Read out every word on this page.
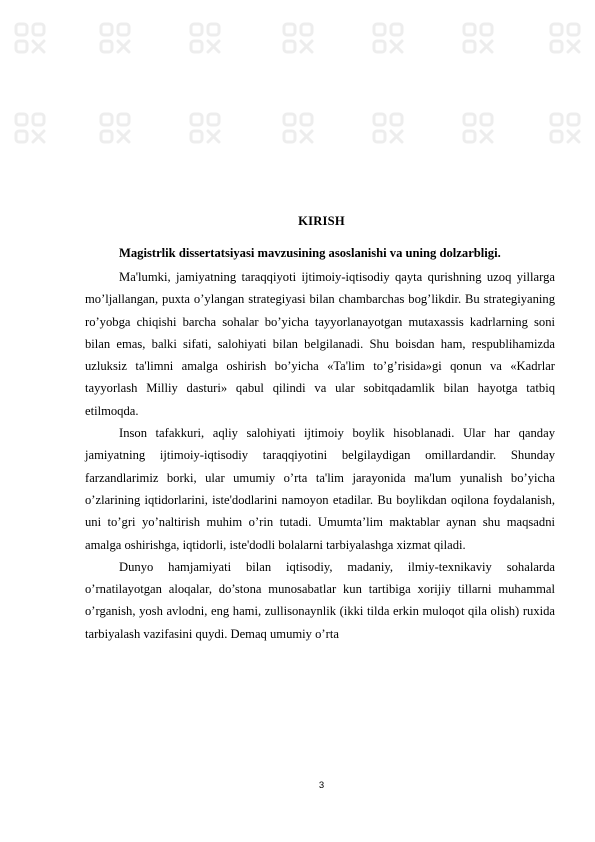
KIRISH
Magistrlik dissertatsiyasi mavzusining asoslanishi va uning dolzarbligi.

Ma'lumki, jamiyatning taraqqiyoti ijtimoiy-iqtisodiy qayta qurishning uzoq yillarga mo’ljallangan, puxta o’ylangan strategiyasi bilan chambarchas bog’likdir. Bu strategiyaning ro’yobga chiqishi barcha sohalar bo’yicha tayyorlanayotgan mutaxassis kadrlarning soni bilan emas, balki sifati, salohiyati bilan belgilanadi. Shu boisdan ham, respublihamizda uzluksiz ta'limni amalga oshirish bo’yicha «Ta'lim to’g’risida»gi qonun va «Kadrlar tayyorlash Milliy dasturi» qabul qilindi va ular sobitqadamlik bilan hayotga tatbiq etilmoqda.

Inson tafakkuri, aqliy salohiyati ijtimoiy boylik hisoblanadi. Ular har qanday jamiyatning ijtimoiy-iqtisodiy taraqqiyotini belgilaydigan omillardandir. Shunday farzandlarimiz borki, ular umumiy o’rta ta'lim jarayonida ma'lum yunalish bo’yicha o’zlarining iqtidorlarini, iste'dodlarini namoyon etadilar. Bu boylikdan oqilona foydalanish, uni to’gri yo’naltirish muhim o’rin tutadi. Umumta’lim maktablar aynan shu maqsadni amalga oshirishga, iqtidorli, iste'dodli bolalarni tarbiyalashga xizmat qiladi.

Dunyo hamjamiyati bilan iqtisodiy, madaniy, ilmiy-texnikaviy sohalarda o’rnatilayotgan aloqalar, do’stona munosabatlar kun tartibiga xorijiy tillarni muhammal o’rganish, yosh avlodni, eng hami, zullisonaynlik (ikki tilda erkin muloqot qila olish) ruxida tarbiyalash vazifasini quydi. Demaq umumiy o’rta

3
